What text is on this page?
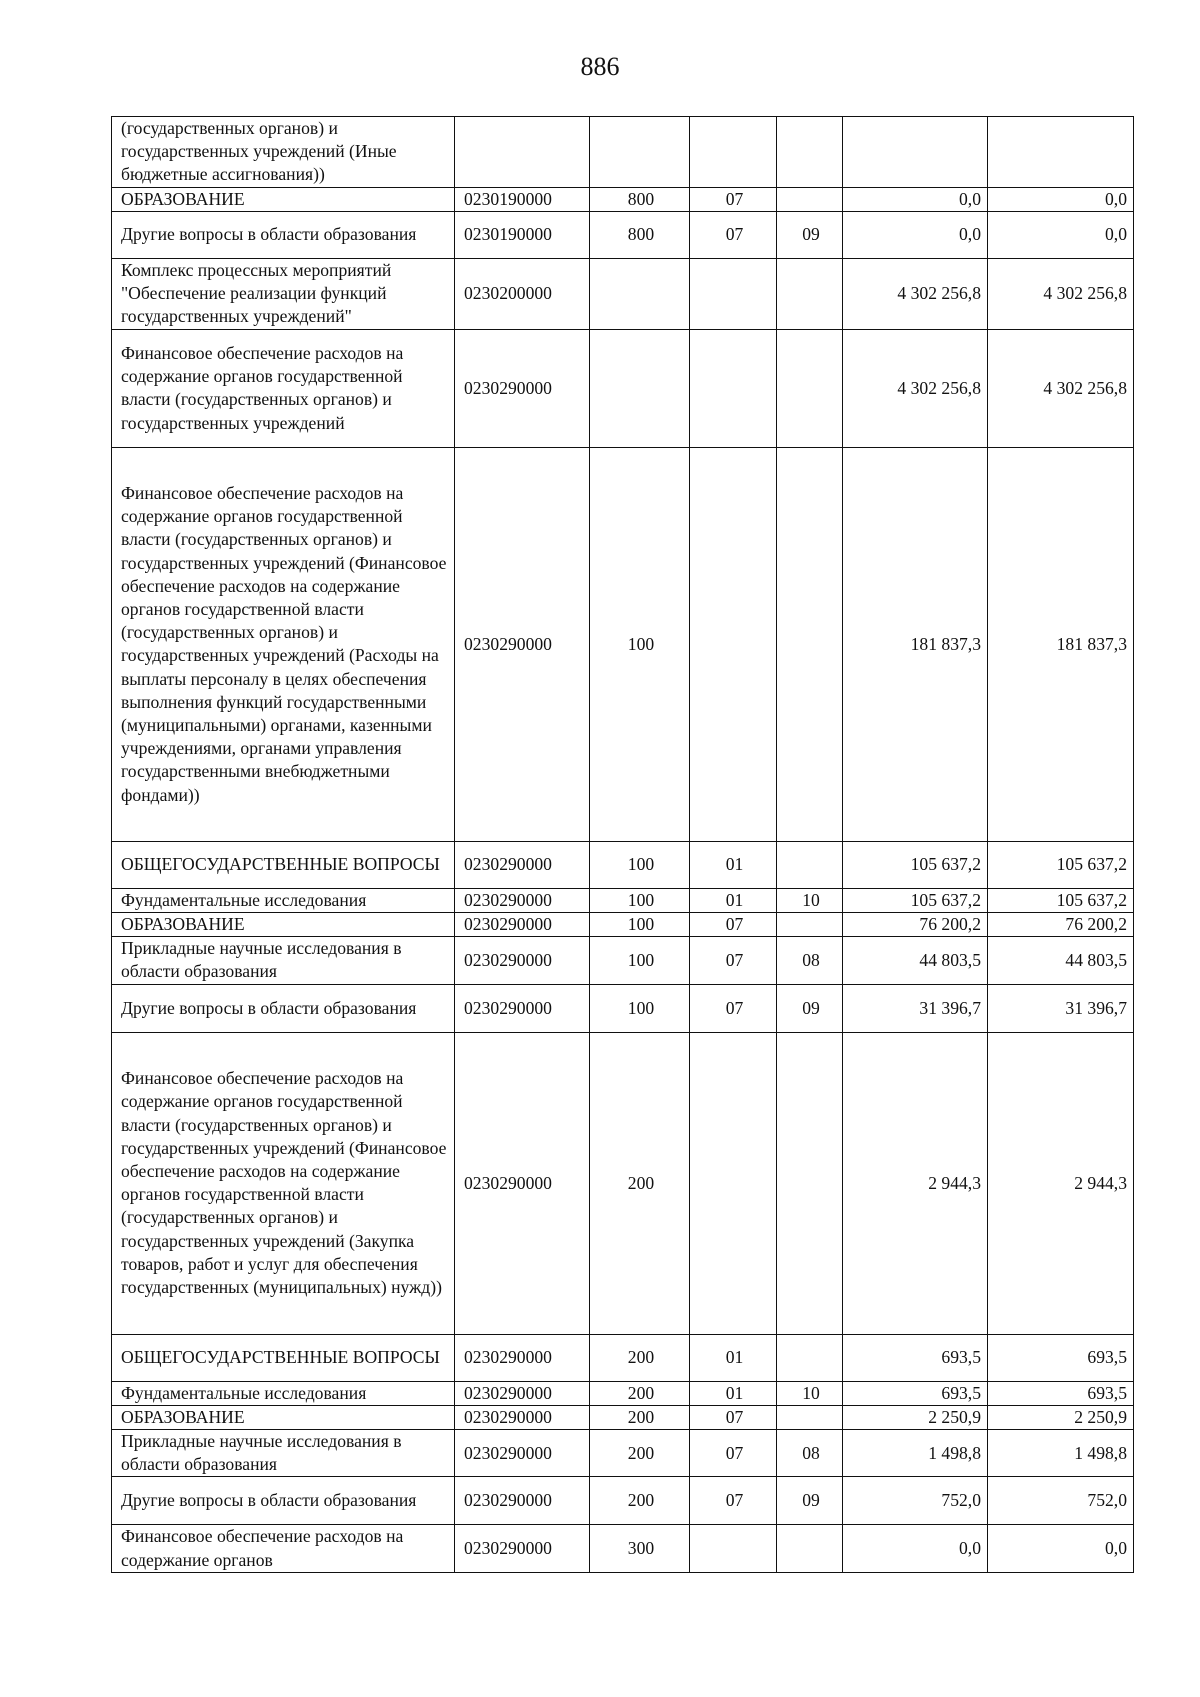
886
(государственных органов) и государственных учреждений (Иные бюджетные ассигнования))						
ОБРАЗОВАНИЕ	0230190000	800	07		0,0	0,0
Другие вопросы в области образования	0230190000	800	07	09	0,0	0,0
Комплекс процессных мероприятий "Обеспечение реализации функций государственных учреждений"	0230200000				4 302 256,8	4 302 256,8
Финансовое обеспечение расходов на содержание органов государственной власти (государственных органов) и государственных учреждений	0230290000				4 302 256,8	4 302 256,8
Финансовое обеспечение расходов на содержание органов государственной власти (государственных органов) и государственных учреждений (Финансовое обеспечение расходов на содержание органов государственной власти (государственных органов) и государственных учреждений (Расходы на выплаты персоналу в целях обеспечения выполнения функций государственными (муниципальными) органами, казенными учреждениями, органами управления государственными внебюджетными фондами))	0230290000	100			181 837,3	181 837,3
ОБЩЕГОСУДАРСТВЕННЫЕ ВОПРОСЫ	0230290000	100	01		105 637,2	105 637,2
Фундаментальные исследования	0230290000	100	01	10	105 637,2	105 637,2
ОБРАЗОВАНИЕ	0230290000	100	07		76 200,2	76 200,2
Прикладные научные исследования в области образования	0230290000	100	07	08	44 803,5	44 803,5
Другие вопросы в области образования	0230290000	100	07	09	31 396,7	31 396,7
Финансовое обеспечение расходов на содержание органов государственной власти (государственных органов) и государственных учреждений (Финансовое обеспечение расходов на содержание органов государственной власти (государственных органов) и государственных учреждений (Закупка товаров, работ и услуг для обеспечения государственных (муниципальных) нужд))	0230290000	200			2 944,3	2 944,3
ОБЩЕГОСУДАРСТВЕННЫЕ ВОПРОСЫ	0230290000	200	01		693,5	693,5
Фундаментальные исследования	0230290000	200	01	10	693,5	693,5
ОБРАЗОВАНИЕ	0230290000	200	07		2 250,9	2 250,9
Прикладные научные исследования в области образования	0230290000	200	07	08	1 498,8	1 498,8
Другие вопросы в области образования	0230290000	200	07	09	752,0	752,0
Финансовое обеспечение расходов на содержание органов	0230290000	300			0,0	0,0
